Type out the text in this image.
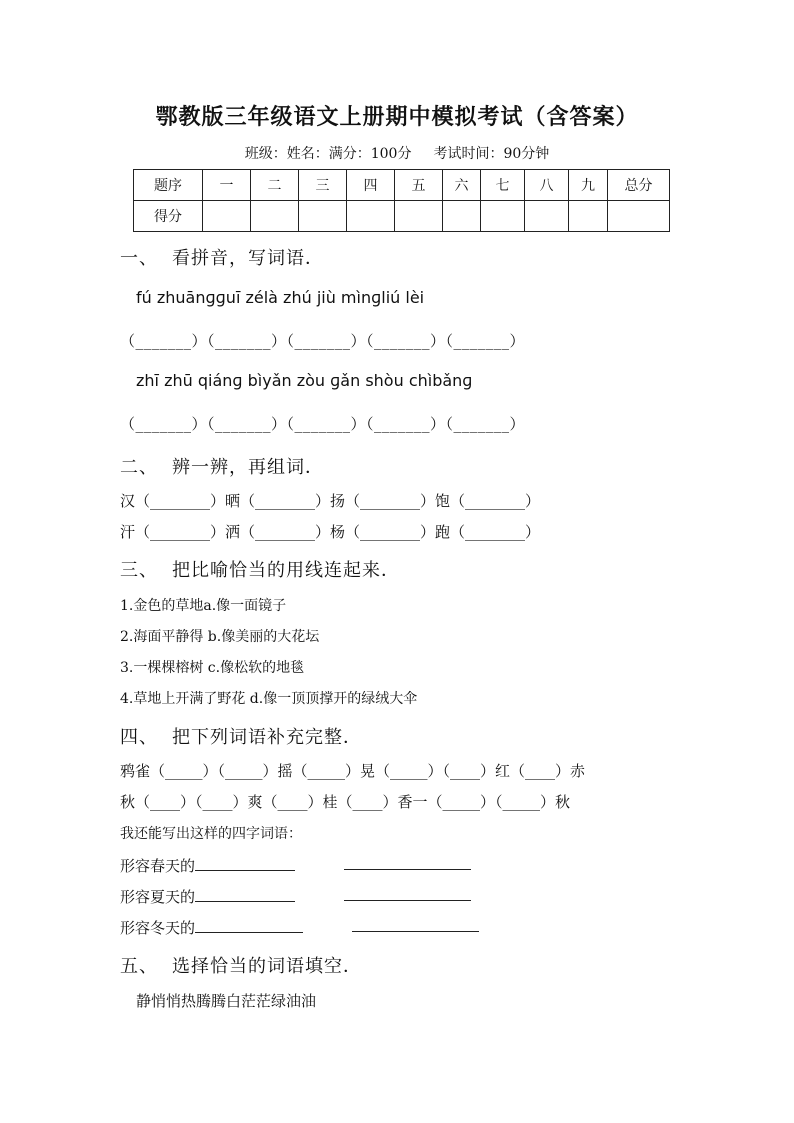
鄂教版三年级语文上册期中模拟考试（含答案）
班级：姓名：满分：100分 考试时间：90分钟
题序	一	二	三	四	五	六	七	八	九	总分
得分										
一、 看拼音，写词语．
fú zhuānɡɡuī zélà zhú jiù mìnɡliú lèi
（_______）（_______）（_______）（_______）（_______）
zhī zhū qiánɡ bìyǎn zòu ɡǎn shòu chìbǎnɡ
（_______）（_______）（_______）（_______）（_______）
二、 辨一辨，再组词．
汉（________）晒（________）扬（________）饱（________）
汗（________）洒（________）杨（________）跑（________）
三、 把比喻恰当的用线连起来．
1.金色的草地a.像一面镜子
2.海面平静得 b.像美丽的大花坛
3.一棵棵榕树 c.像松软的地毯
4.草地上开满了野花 d.像一顶顶撑开的绿绒大伞
四、 把下列词语补充完整．
鸦雀（_____）（_____）摇（_____）晃（_____）（____）红（____）赤
秋（____）（____）爽（____）桂（____）香一（_____）（_____）秋
我还能写出这样的四字词语：
形容春天的
形容夏天的
形容冬天的
五、 选择恰当的词语填空．
静悄悄热腾腾白茫茫绿油油
